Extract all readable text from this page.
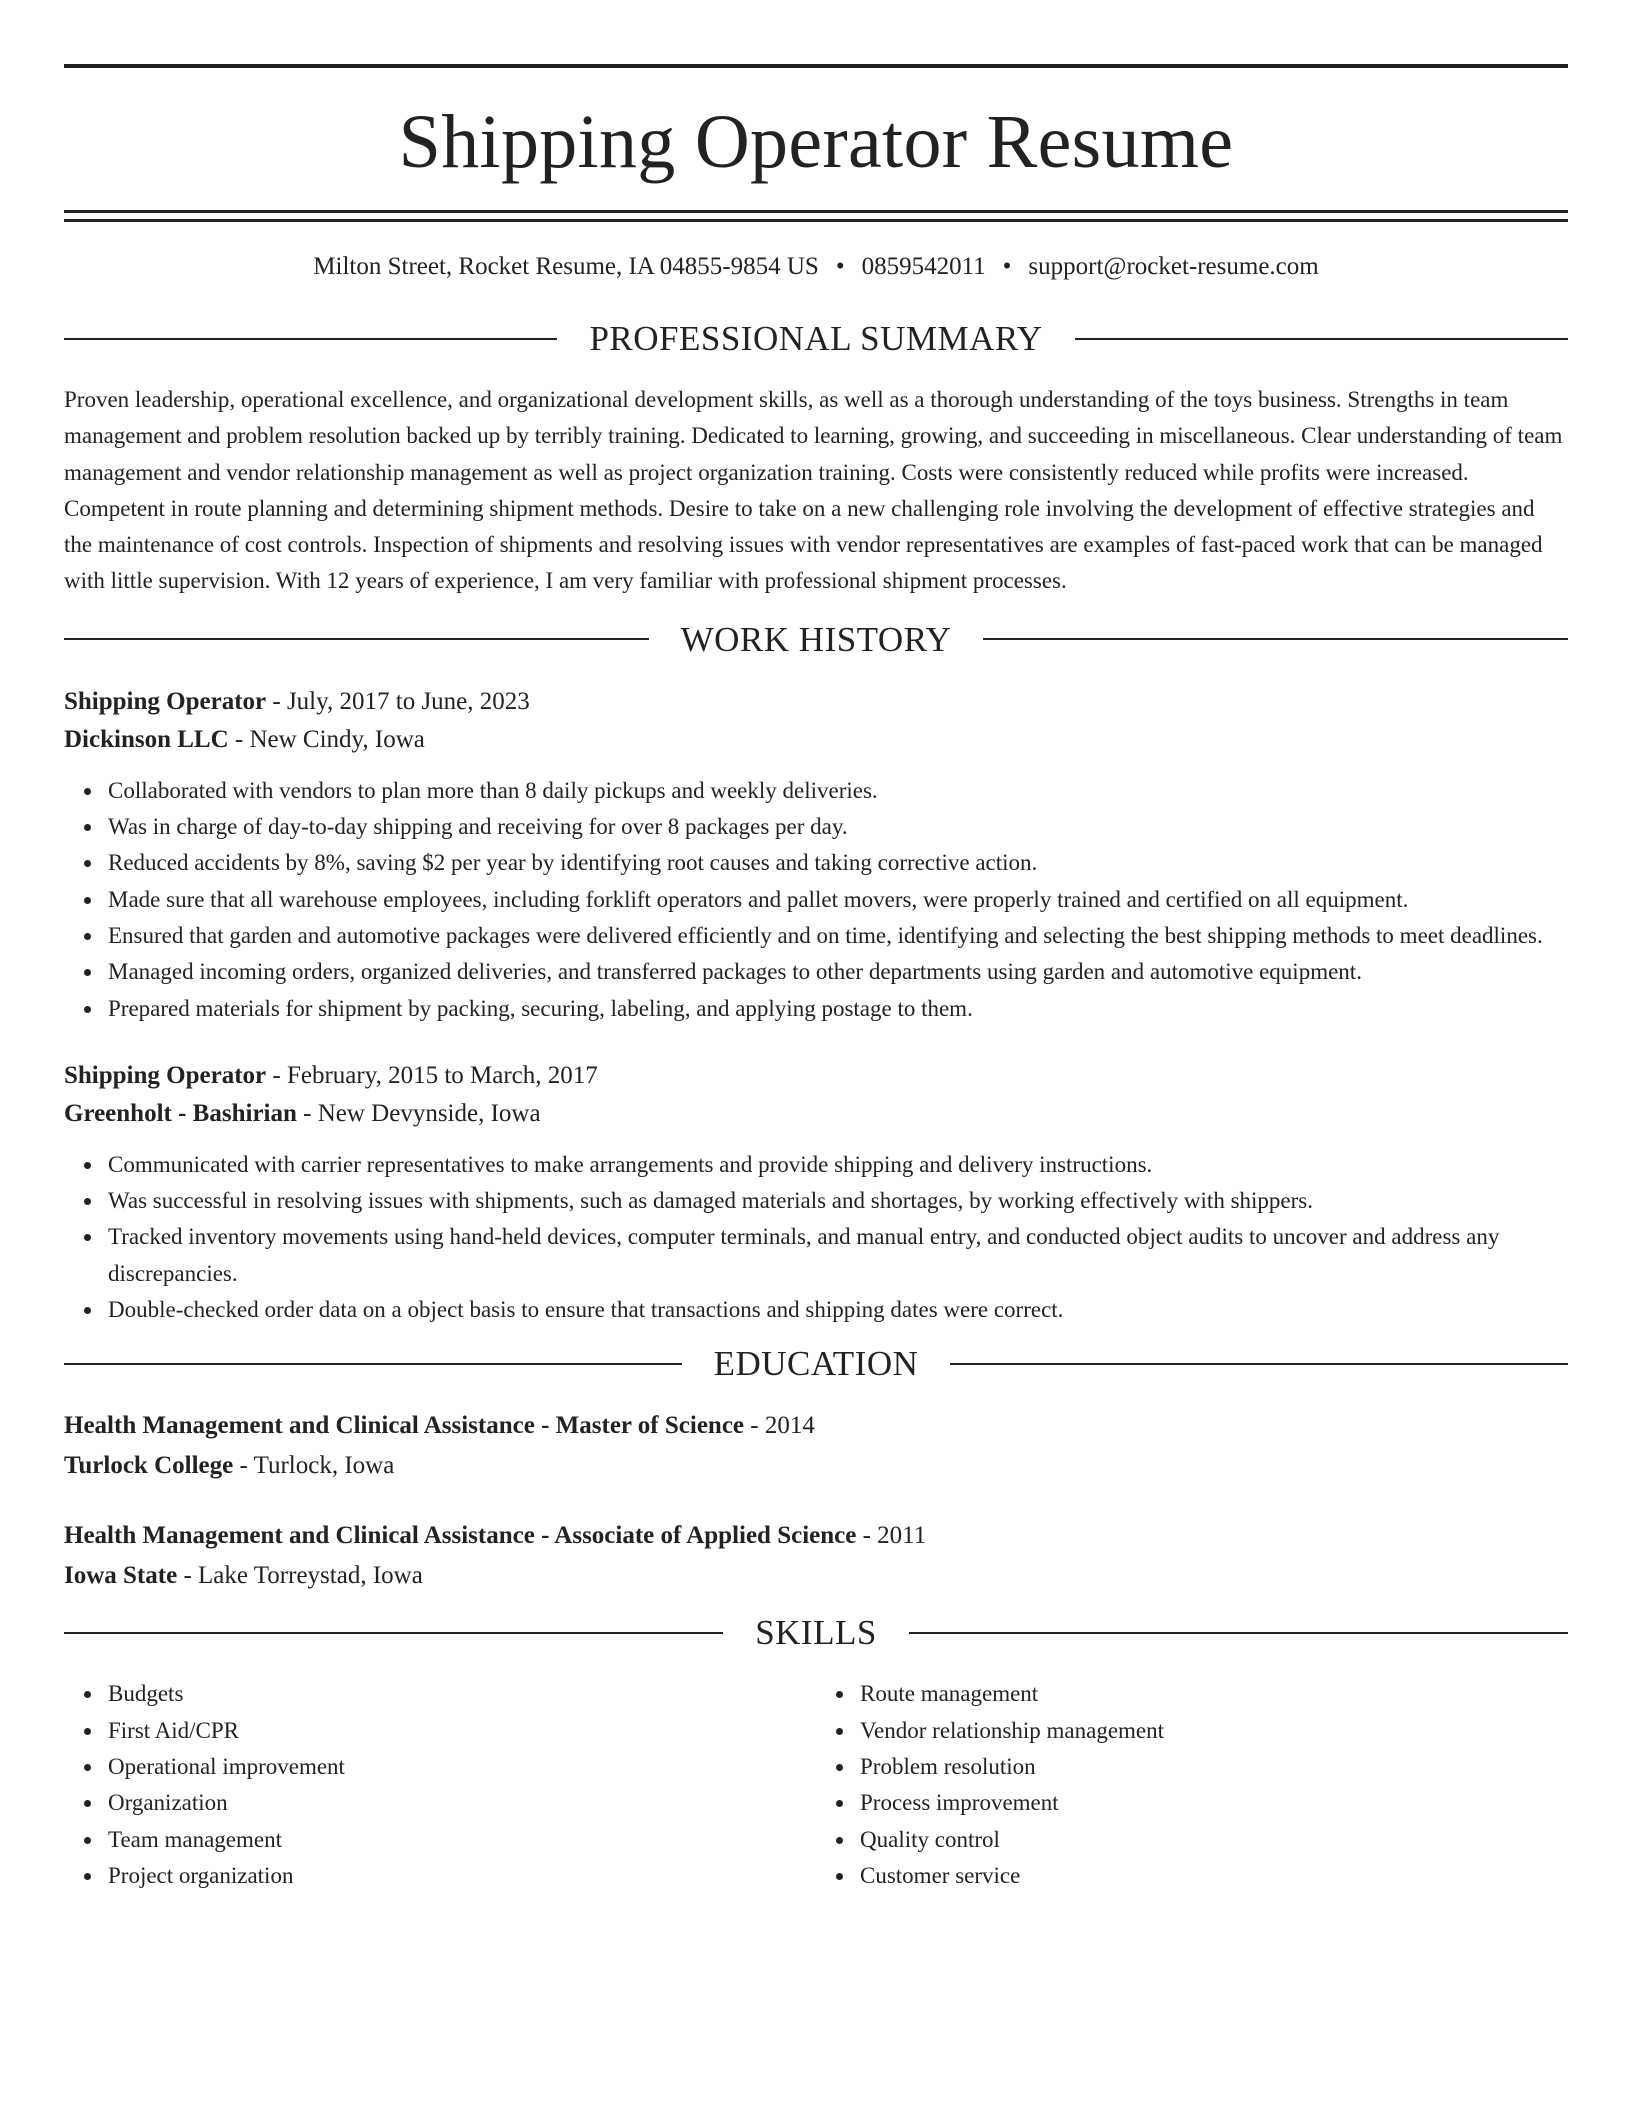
Shipping Operator Resume
Milton Street, Rocket Resume, IA 04855-9854 US • 0859542011 • support@rocket-resume.com
PROFESSIONAL SUMMARY

Proven leadership, operational excellence, and organizational development skills, as well as a thorough understanding of the toys business. Strengths in team management and problem resolution backed up by terribly training. Dedicated to learning, growing, and succeeding in miscellaneous. Clear understanding of team management and vendor relationship management as well as project organization training. Costs were consistently reduced while profits were increased. Competent in route planning and determining shipment methods. Desire to take on a new challenging role involving the development of effective strategies and the maintenance of cost controls. Inspection of shipments and resolving issues with vendor representatives are examples of fast-paced work that can be managed with little supervision. With 12 years of experience, I am very familiar with professional shipment processes.

WORK HISTORY

Shipping Operator - July, 2017 to June, 2023

Dickinson LLC - New Cindy, Iowa

Collaborated with vendors to plan more than 8 daily pickups and weekly deliveries.
Was in charge of day-to-day shipping and receiving for over 8 packages per day.
Reduced accidents by 8%, saving $2 per year by identifying root causes and taking corrective action.
Made sure that all warehouse employees, including forklift operators and pallet movers, were properly trained and certified on all equipment.
Ensured that garden and automotive packages were delivered efficiently and on time, identifying and selecting the best shipping methods to meet deadlines.
Managed incoming orders, organized deliveries, and transferred packages to other departments using garden and automotive equipment.
Prepared materials for shipment by packing, securing, labeling, and applying postage to them.

Shipping Operator - February, 2015 to March, 2017

Greenholt - Bashirian - New Devynside, Iowa

Communicated with carrier representatives to make arrangements and provide shipping and delivery instructions.
Was successful in resolving issues with shipments, such as damaged materials and shortages, by working effectively with shippers.
Tracked inventory movements using hand-held devices, computer terminals, and manual entry, and conducted object audits to uncover and address any discrepancies.
Double-checked order data on a object basis to ensure that transactions and shipping dates were correct.
EDUCATION

Health Management and Clinical Assistance - Master of Science - 2014

Turlock College - Turlock, Iowa

Health Management and Clinical Assistance - Associate of Applied Science - 2011

Iowa State - Lake Torreystad, Iowa

SKILLS
Budgets
First Aid/CPR
Operational improvement
Organization
Team management
Project organization
Route management
Vendor relationship management
Problem resolution
Process improvement
Quality control
Customer service
